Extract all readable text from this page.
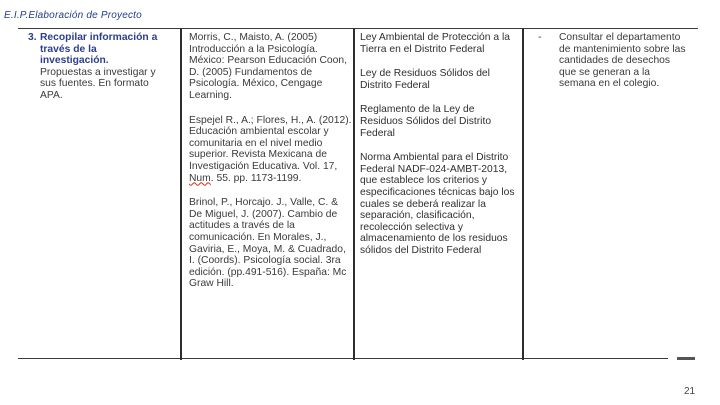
E.I.P.Elaboración de Proyecto
3. Recopilar información a través de la investigación.
Propuestas a investigar y sus fuentes. En formato APA.

Morris, C., Maisto, A. (2005) Introducción a la Psicología. México: Pearson Educación Coon, D. (2005) Fundamentos de Psicología. México, Cengage Learning.

Espejel R., A.; Flores, H., A. (2012). Educación ambiental escolar y comunitaria en el nivel medio superior. Revista Mexicana de Investigación Educativa. Vol. 17, Num. 55. pp. 1173-1199.

Brinol, P., Horcajo. J., Valle, C. & De Miguel, J. (2007). Cambio de actitudes a través de la comunicación. En Morales, J., Gaviria, E., Moya, M. & Cuadrado, I. (Coords). Psicología social. 3ra edición. (pp.491-516). España: Mc Graw Hill.

Ley Ambiental de Protección a la Tierra en el Distrito Federal

Ley de Residuos Sólidos del Distrito Federal

Reglamento de la Ley de Residuos Sólidos del Distrito Federal

Norma Ambiental para el Distrito Federal NADF-024-AMBT-2013, que establece los criterios y especificaciones técnicas bajo los cuales se deberá realizar la separación, clasificación, recolección selectiva y almacenamiento de los residuos sólidos del Distrito Federal

- Consultar el departamento de mantenimiento sobre las cantidades de desechos que se generan a la semana en el colegio.
21
